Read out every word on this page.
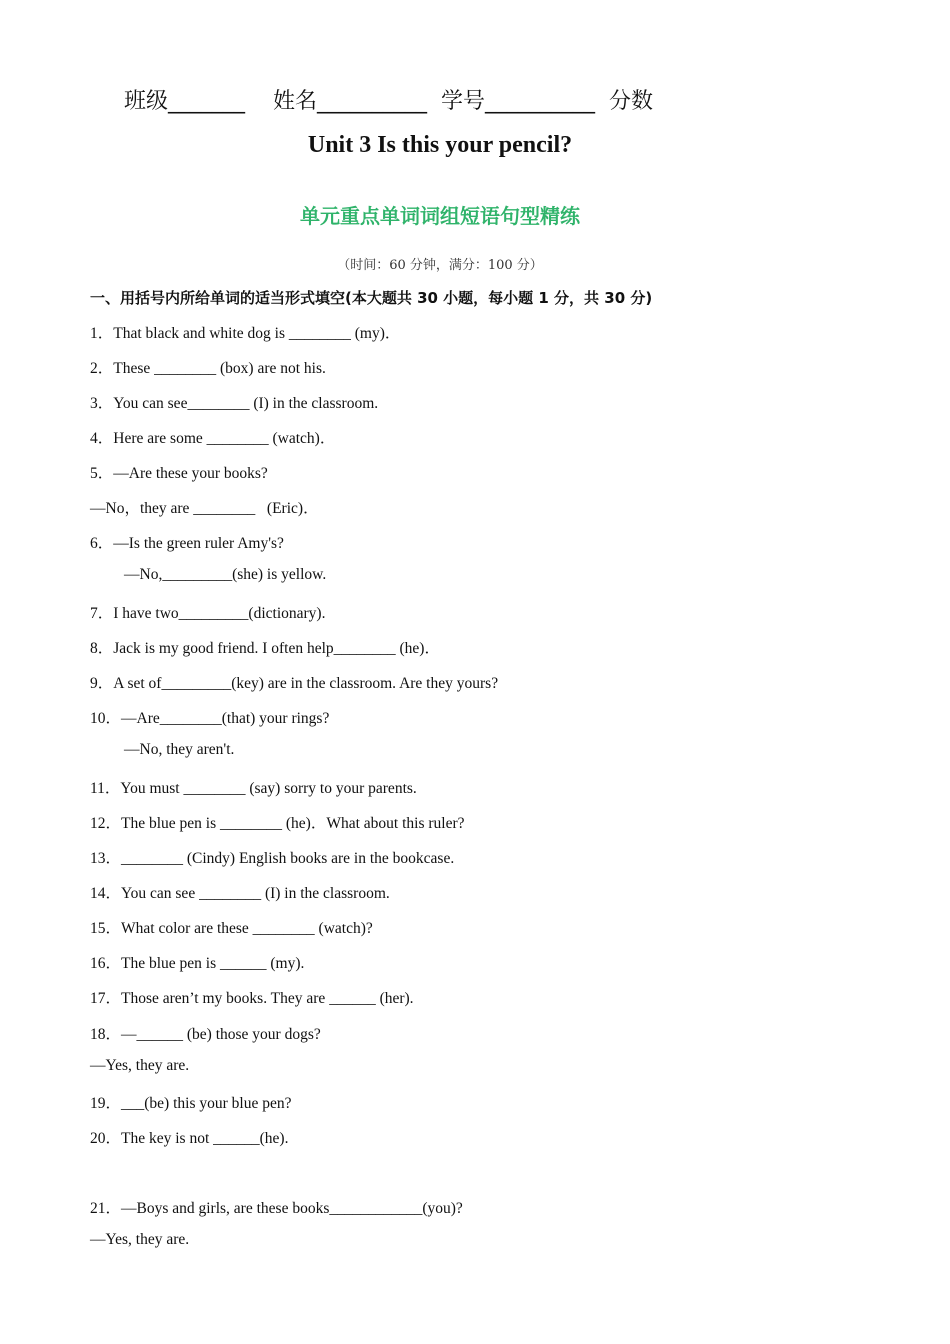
班级_______ 姓名__________ 学号__________ 分数
Unit 3 Is this your pencil?
单元重点单词词组短语句型精练
（时间：60 分钟，满分：100 分）
一、用括号内所给单词的适当形式填空(本大题共 30 小题，每小题 1 分，共 30 分)
1．That black and white dog is ________ (my)．
2．These ________ (box) are not his.
3．You can see________ (I) in the classroom.
4．Here are some ________ (watch)．
5．—Are these your books?
—No，they are ________   (Eric)．
6．—Is the green ruler Amy's?
—No,_________(she) is yellow.
7．I have two_________(dictionary).
8．Jack is my good friend. I often help________ (he)．
9．A set of_________(key) are in the classroom. Are they yours?
10．—Are________(that) your rings?
—No, they aren't.
11．You must ________ (say) sorry to your parents.
12．The blue pen is ________ (he)．What about this ruler?
13．________ (Cindy) English books are in the bookcase.
14．You can see ________ (I) in the classroom.
15．What color are these ________ (watch)?
16．The blue pen is ______ (my).
17．Those aren’t my books. They are ______ (her).
18．—______ (be) those your dogs?
—Yes, they are.
19．___(be) this your blue pen?
20．The key is not ______(he).
21．—Boys and girls, are these books____________(you)?
—Yes, they are.
